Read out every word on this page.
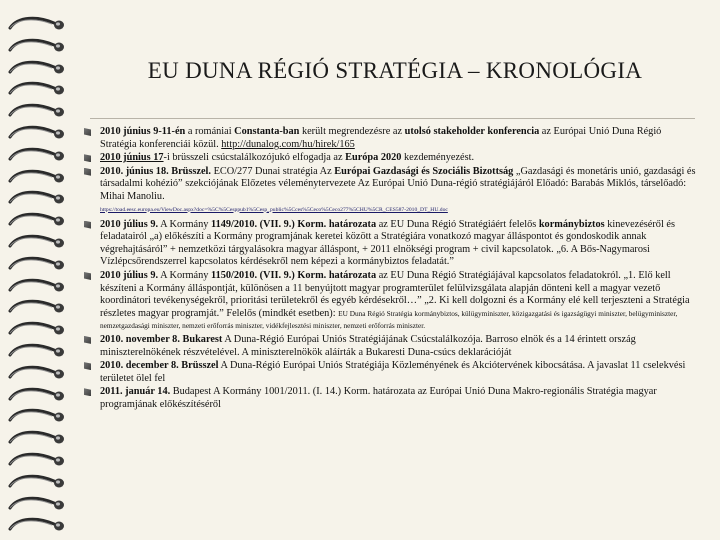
EU DUNA RÉGIÓ STRATÉGIA – KRONOLÓGIA

2010 június 9-11-én a romániai Constanta-ban került megrendezésre az utolsó stakeholder konferencia az Európai Unió Duna Régió Stratégia konferenciái közül. http://dunalog.com/hu/hirek/165

2010 június 17-i brüsszeli csúcstalálkozójukó elfogadja az Európa 2020 kezdeményezést.

2010. június 18. Brüsszel. ECO/277 Dunai stratégia Az Európai Gazdasági és Szociális Bizottság „Gazdasági és monetáris unió, gazdasági és társadalmi kohézió” szekciójának Előzetes véleménytervezete Az Európai Unió Duna-régió stratégiájáról Előadó: Barabás Miklós, társelőadó: Mihai Manoliu.

https://toad.eesc.europa.eu/ViewDoc.aspx?doc=%5C%5Cesppub1%5Cesp_public%5Cces%5Ceco%5Ceco277%5CHU%5CR_CES587-2010_DT_HU.doc

2010 július 9. A Kormány 1149/2010. (VII. 9.) Korm. határozata az EU Duna Régió Stratégiáért felelős kormánybiztos kinevezéséről és feladatairól „a) előkészíti a Kormány programjának keretei között a Stratégiára vonatkozó magyar álláspontot és gondoskodik annak végrehajtásáról” + nemzetközi tárgyalásokra magyar álláspont, + 2011 elnökségi program + civil kapcsolatok. „6. A Bős-Nagymarosi Vízlépcsőrendszerrel kapcsolatos kérdésekről nem képezi a kormánybiztos feladatát.”

2010 július 9. A Kormány 1150/2010. (VII. 9.) Korm. határozata az EU Duna Régió Stratégiájával kapcsolatos feladatokról. „1. Elő kell készíteni a Kormány álláspontját, különösen a 11 benyújtott magyar programterület felülvizsgálata alapján dönteni kell a magyar vezető koordinátori tevékenységekről, prioritási területekről és egyéb kérdésekről…” „2. Ki kell dolgozni és a Kormány elé kell terjeszteni a Stratégia részletes magyar programját.” Felelős (mindkét esetben): EU Duna Régió Stratégia kormánybiztos, külügyminiszter, közigazgatási és igazságügyi miniszter, belügyminiszter, nemzetgazdasági miniszter, nemzeti erőforrás miniszter, vidékfejlesztési miniszter, nemzeti erőforrás miniszter.

2010. november 8. Bukarest A Duna-Régió Európai Uniós Stratégiájának Csúcstalálkozója. Barroso elnök és a 14 érintett ország miniszterelnökének részvételével. A miniszterelnökök aláírták a Bukaresti Duna-csúcs deklarációját

2010. december 8. Brüsszel A Duna-Régió Európai Uniós Stratégiája Közleményének és Akciótervének kibocsátása. A javaslat 11 cselekvési területet ölel fel

2011. január 14. Budapest A Kormány 1001/2011. (I. 14.) Korm. határozata az Európai Unió Duna Makro-regionális Stratégia magyar programjának előkészítéséről
